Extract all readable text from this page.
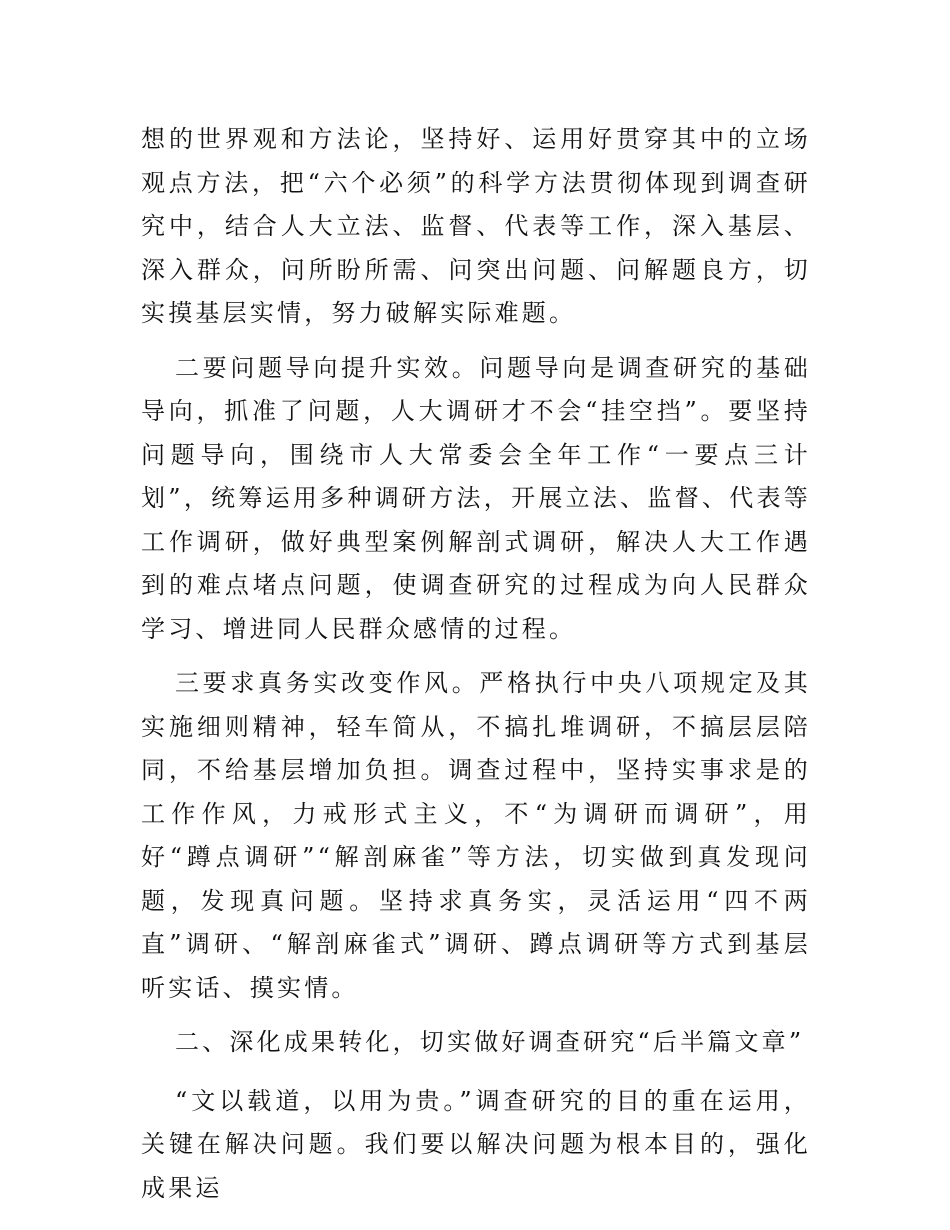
想的世界观和方法论，坚持好、运用好贯穿其中的立场观点方法，把“六个必须”的科学方法贯彻体现到调查研究中，结合人大立法、监督、代表等工作，深入基层、深入群众，问所盼所需、问突出问题、问解题良方，切实摸基层实情，努力破解实际难题。

二要问题导向提升实效。问题导向是调查研究的基础导向，抓准了问题，人大调研才不会“挂空挡”。要坚持问题导向，围绕市人大常委会全年工作“一要点三计划”，统筹运用多种调研方法，开展立法、监督、代表等工作调研，做好典型案例解剖式调研，解决人大工作遇到的难点堵点问题，使调查研究的过程成为向人民群众学习、增进同人民群众感情的过程。

三要求真务实改变作风。严格执行中央八项规定及其实施细则精神，轻车简从，不搞扎堆调研，不搞层层陪同，不给基层增加负担。调查过程中，坚持实事求是的工作作风，力戒形式主义，不“为调研而调研”，用好“蹲点调研”“解剖麻雀”等方法，切实做到真发现问题，发现真问题。坚持求真务实，灵活运用“四不两直”调研、“解剖麻雀式”调研、蹲点调研等方式到基层听实话、摸实情。

二、深化成果转化，切实做好调查研究“后半篇文章”

“文以载道，以用为贵。”调查研究的目的重在运用，关键在解决问题。我们要以解决问题为根本目的，强化成果运
